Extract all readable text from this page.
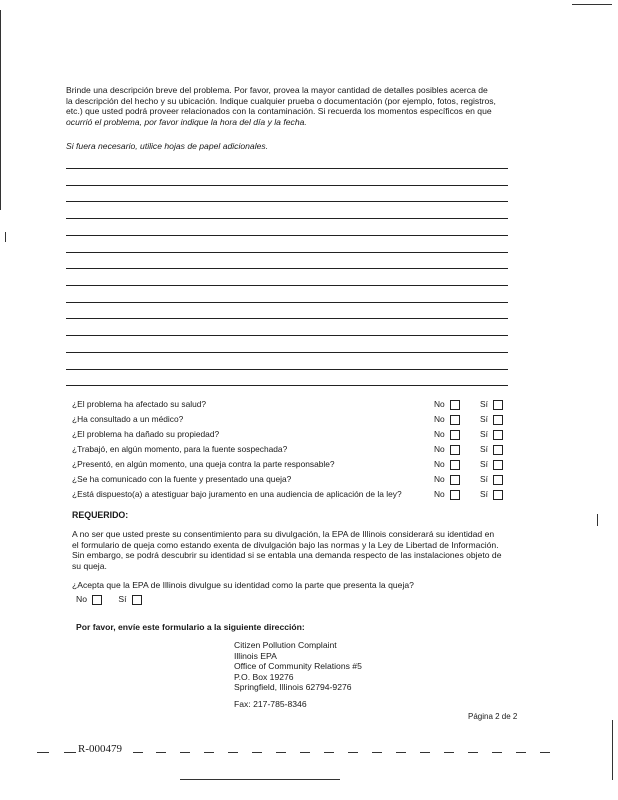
Brinde una descripción breve del problema. Por favor, provea la mayor cantidad de detalles posibles acerca de
la descripción del hecho y su ubicación. Indique cualquier prueba o documentación (por ejemplo, fotos, registros,
etc.) que usted podrá proveer relacionados con la contaminación. Si recuerda los momentos específicos en que
ocurrió el problema, por favor indique la hora del día y la fecha.
Si fuera necesario, utilice hojas de papel adicionales.
¿El problema ha afectado su salud?	No	Sí
¿Ha consultado a un médico?	No	Sí
¿El problema ha dañado su propiedad?	No	Sí
¿Trabajó, en algún momento, para la fuente sospechada?	No	Sí
¿Presentó, en algún momento, una queja contra la parte responsable?	No	Sí
¿Se ha comunicado con la fuente y presentado una queja?	No	Sí
¿Está dispuesto(a) a atestiguar bajo juramento en una audiencia de aplicación de la ley?	No	Sí
REQUERIDO:
A no ser que usted preste su consentimiento para su divulgación, la EPA de Illinois considerará su identidad en
el formulario de queja como estando exenta de divulgación bajo las normas y la Ley de Libertad de Información.
Sin embargo, se podrá descubrir su identidad si se entabla una demanda respecto de las instalaciones objeto de
su queja.
¿Acepta que la EPA de Illinois divulgue su identidad como la parte que presenta la queja?
No	Sí
Por favor, envíe este formulario a la siguiente dirección:
Citizen Pollution Complaint
Illinois EPA
Office of Community Relations #5
P.O. Box 19276
Springfield, Illinois 62794-9276
Fax: 217-785-8346
Página 2 de 2
R-000479
